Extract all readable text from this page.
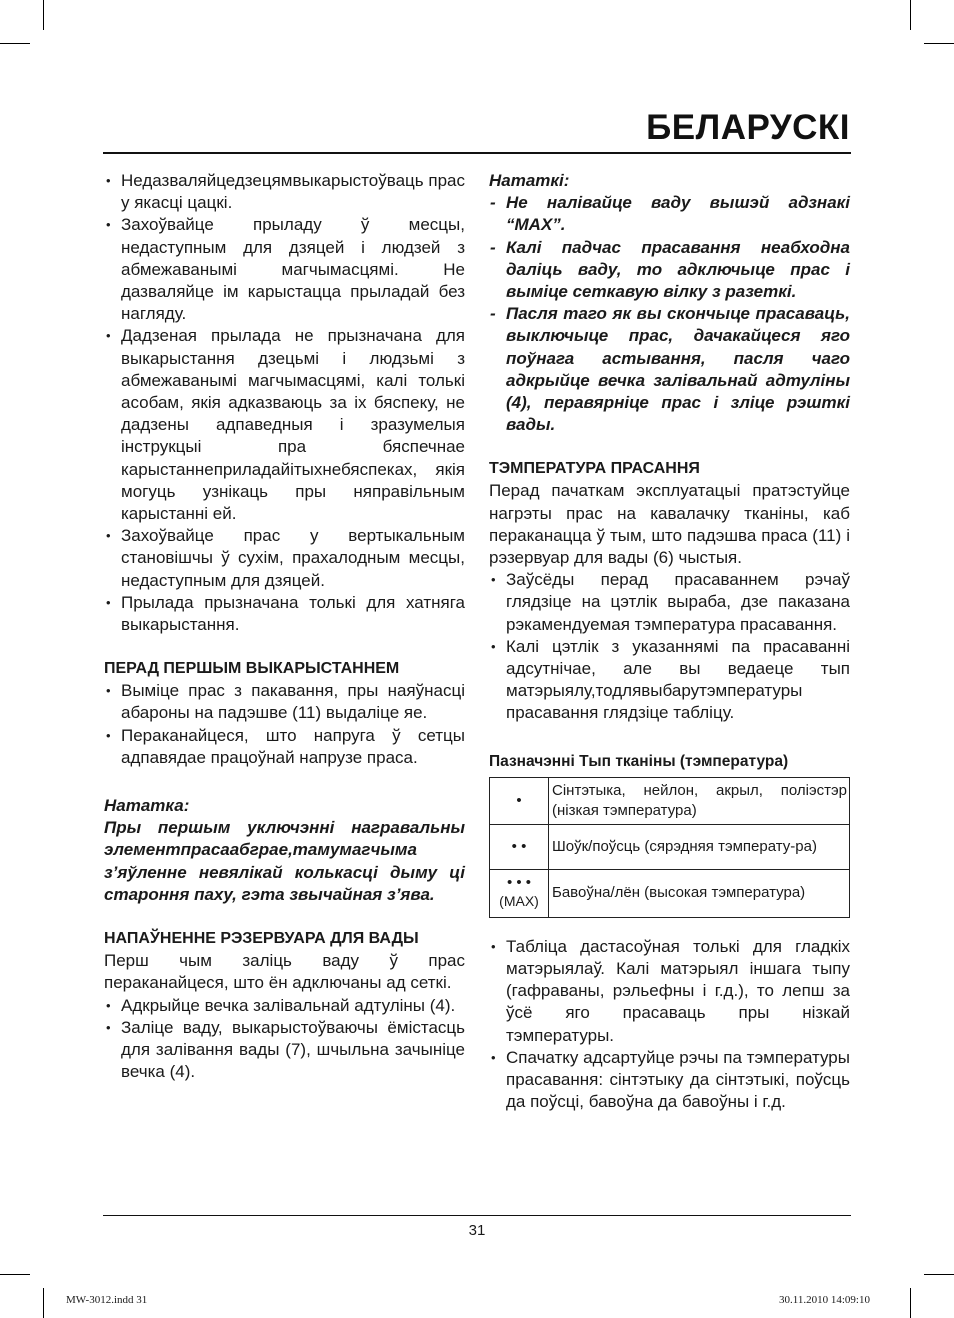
БЕЛАРУСКІ
• Недазваляйцедзецямвыкарыстоўваць прас у якасці цацкі.
• Захоўвайце прыладу ў месцы, недаступным для дзяцей і людзей з абмежаванымі магчымасцямі. Не дазваляйце ім карыстацца прыладай без нагляду.
• Дадзеная прылада не прызначана для выкарыстання дзецьмі і людзьмі з абмежаванымі магчымасцямі, калі толькі асобам, якія адказваюць за іх бяспеку, не дадзены адпаведныя і зразумелыя інструкцыі пра бяспечнае карыстаннеприладайітыхнебяспеках, якія могуць узнікаць пры няправільным карыстанні ей.
• Захоўвайце прас у вертыкальным становішчы ў сухім, прахалодным месцы, недаступным для дзяцей.
• Прылада прызначана толькі для хатняга выкарыстання.
ПЕРАД ПЕРШЫМ ВЫКАРЫСТАННЕМ
• Выміце прас з пакавання, пры наяўнасці абароны на падэшве (11) выдаліце яе.
• Пераканайцеся, што напруга ў сетцы адпавядае працоўнай напрузе праса.

Нататка:

Пры першым уключэнні награвальны элементпрасаабграе,тамумагчыма з’яўленне невялікай колькасці дыму ці староння паху, гэта звычайная з’ява.

НАПАЎНЕННЕ РЭЗЕРВУАРА ДЛЯ ВАДЫ

Перш чым заліць ваду ў прас пераканайцеся, што ён адключаны ад сеткі.

• Адкрыйце вечка залівальнай адтуліны (4).
• Заліце ваду, выкарыстоўваючы ёмістасць для залівання вады (7), шчыльна зачыніце вечка (4).

Нататкі:

- Не налівайце ваду вышэй адзнакі “MAX”.
- Калі падчас прасавання неабходна даліць ваду, то адключыце прас і выміце сеткавую вілку з разеткі.
- Пасля таго як вы скончыце прасаваць, выключыце прас, дачакайцеся яго поўнага астывання, пасля чаго адкрыйце вечка залівальнай адтуліны (4), перавярніце прас і зліце рэшткі вады.
ТЭМПЕРАТУРА ПРАСАННЯ

Перад пачаткам эксплуатацыі пратэстуйце нагрэты прас на кавалачку тканіны, каб пераканацца ў тым, што падэшва праса (11) і рэзервуар для вады (6) чыстыя.

• Заўсёды перад прасаваннем рэчаў глядзіце на цэтлік выраба, дзе паказана рэкамендуемая тэмпература прасавання.
• Калі цэтлік з указаннямі па прасаванні адсутнічае, але вы ведаеце тып матэрыялу,тодлявыбарутэмпературы прасавання глядзіце табліцу.

Пазначэнні Тып тканіны (тэмпература)

•	Сінтэтыка, нейлон, акрыл, поліэстэр (нізкая тэмпература)
• •	Шоўк/поўсць (сярэдняя тэмперату-ра)

• • •
(MAX)	Бавоўна/лён (высокая тэмпература)
• Табліца дастасоўная толькі для гладкіх матэрыялаў. Калі матэрыял іншага тыпу (гафраваны, рэльефны і г.д.), то лепш за ўсё яго прасаваць пры нізкай тэмпературы.
• Спачатку адсартуйце рэчы па тэмпературы прасавання: сінтэтыку да сінтэтыкі, поўсць да поўсці, бавоўна да бавоўны і г.д.
31
MW-3012.indd 31	30.11.2010 14:09:10
